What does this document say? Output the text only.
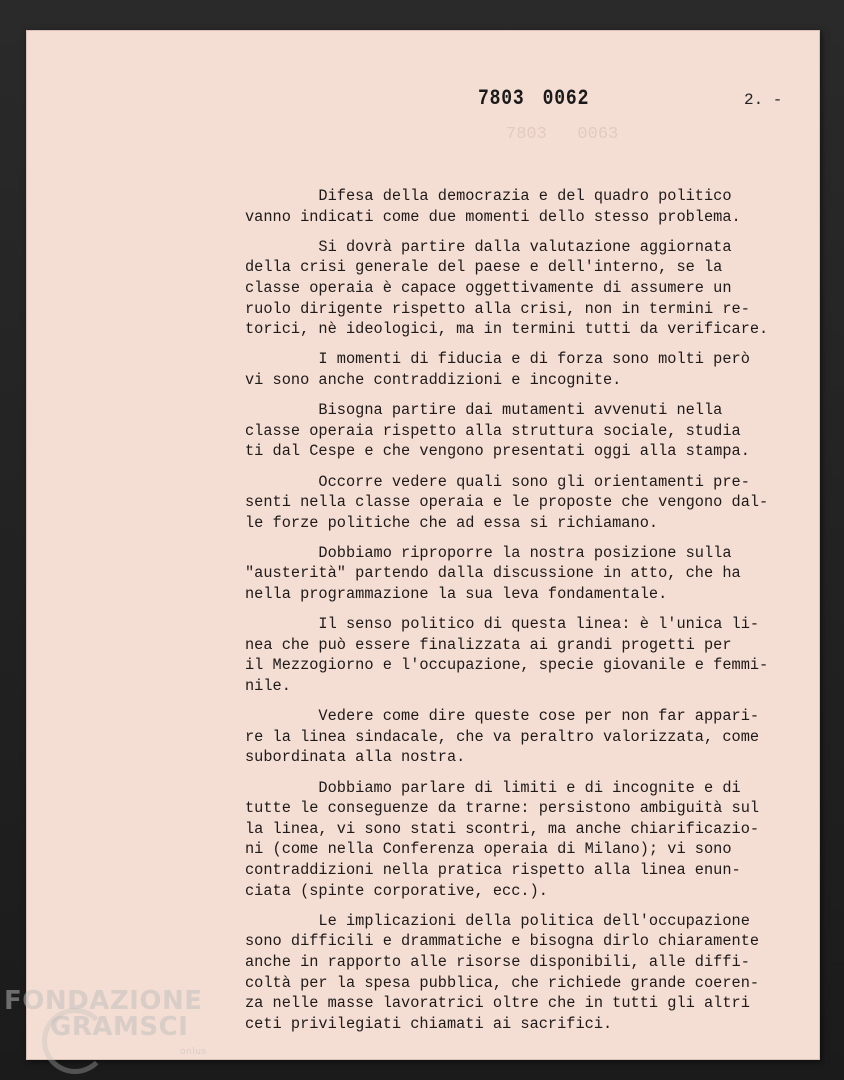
7803   0063
7803 0062	2. -
Difesa della democrazia e del quadro politico
vanno indicati come due momenti dello stesso problema.
Si dovrà partire dalla valutazione aggiornata
della crisi generale del paese e dell'interno, se la
classe operaia è capace oggettivamente di assumere un
ruolo dirigente rispetto alla crisi, non in termini re-
torici, nè ideologici, ma in termini tutti da verificare.
I momenti di fiducia e di forza sono molti però
vi sono anche contraddizioni e incognite.
Bisogna partire dai mutamenti avvenuti nella
classe operaia rispetto alla struttura sociale, studia
ti dal Cespe e che vengono presentati oggi alla stampa.
Occorre vedere quali sono gli orientamenti pre-
senti nella classe operaia e le proposte che vengono dal-
le forze politiche che ad essa si richiamano.
Dobbiamo riproporre la nostra posizione sulla
"austerità" partendo dalla discussione in atto, che ha
nella programmazione la sua leva fondamentale.
Il senso politico di questa linea: è l'unica li-
nea che può essere finalizzata ai grandi progetti per
il Mezzogiorno e l'occupazione, specie giovanile e femmi-
nile.
Vedere come dire queste cose per non far appari-
re la linea sindacale, che va peraltro valorizzata, come
subordinata alla nostra.
Dobbiamo parlare di limiti e di incognite e di
tutte le conseguenze da trarne: persistono ambiguità sul
la linea, vi sono stati scontri, ma anche chiarificazio-
ni (come nella Conferenza operaia di Milano); vi sono
contraddizioni nella pratica rispetto alla linea enun-
ciata (spinte corporative, ecc.).
Le implicazioni della politica dell'occupazione
sono difficili e drammatiche e bisogna dirlo chiaramente
anche in rapporto alle risorse disponibili, alle diffi-
coltà per la spesa pubblica, che richiede grande coeren-
za nelle masse lavoratrici oltre che in tutti gli altri
ceti privilegiati chiamati ai sacrifici.
FONDAZIONE
GRAMSCI
onlus
